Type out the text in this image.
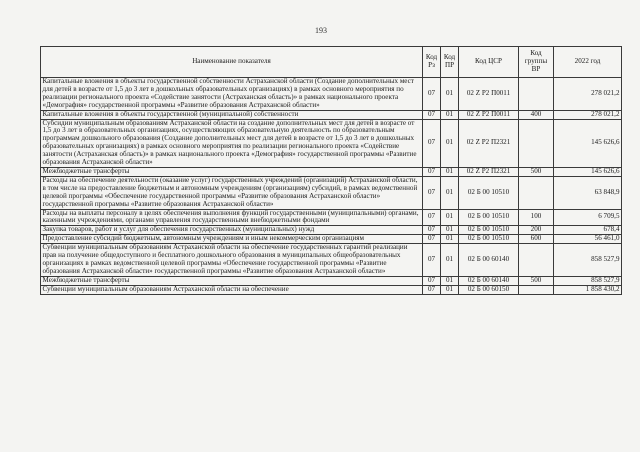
193
Наименование показателя	Код Рз	Код ПР	Код ЦСР	Код группы ВР	2022 год
Капитальные вложения в объекты государственной собственности Астраханской области (Создание дополнительных мест для детей в возрасте от 1,5 до 3 лет в дошкольных образовательных организациях) в рамках основного мероприятия по реализации регионального проекта «Содействие занятости (Астраханская область)» в рамках национального проекта «Демография» государственной программы «Развитие образования Астраханской области»	07	01	02 Z P2 П0011		278 021,2
Капитальные вложения в объекты государственной (муниципальной) собственности	07	01	02 Z P2 П0011	400	278 021,2
Субсидии муниципальным образованиям Астраханской области на создание дополнительных мест для детей в возрасте от 1,5 до 3 лет в образовательных организациях, осуществляющих образовательную деятельность по образовательным программам дошкольного образования (Создание дополнительных мест для детей в возрасте от 1,5 до 3 лет в дошкольных образовательных организациях) в рамках основного мероприятия по реализации регионального проекта «Содействие занятости (Астраханская область)» в рамках национального проекта «Демография» государственной программы «Развитие образования Астраханской области»	07	01	02 Z P2 П2321		145 626,6
Межбюджетные трансферты	07	01	02 Z P2 П2321	500	145 626,6
Расходы на обеспечение деятельности (оказание услуг) государственных учреждений (организаций) Астраханской области, в том числе на предоставление бюджетным и автономным учреждениям (организациям) субсидий, в рамках ведомственной целевой программы «Обеспечение государственной программы «Развитие образования Астраханской области» государственной программы «Развитие образования Астраханской области»	07	01	02 Б 00 10510		63 848,9
Расходы на выплаты персоналу в целях обеспечения выполнения функций государственными (муниципальными) органами, казенными учреждениями, органами управления государственными внебюджетными фондами	07	01	02 Б 00 10510	100	6 709,5
Закупка товаров, работ и услуг для обеспечения государственных (муниципальных) нужд	07	01	02 Б 00 10510	200	678,4
Предоставление субсидий бюджетным, автономным учреждениям и иным некоммерческим организациям	07	01	02 Б 00 10510	600	56 461,0
Субвенции муниципальным образованиям Астраханской области на обеспечение государственных гарантий реализации прав на получение общедоступного и бесплатного дошкольного образования в муниципальных общеобразовательных организациях в рамках ведомственной целевой программы «Обеспечение государственной программы «Развитие образования Астраханской области» государственной программы «Развитие образования Астраханской области»	07	01	02 Б 00 60140		858 527,9
Межбюджетные трансферты	07	01	02 Б 00 60140	500	858 527,9
Субвенции муниципальным образованиям Астраханской области на обеспечение	07	01	02 Б 00 60150		1 858 430,2
